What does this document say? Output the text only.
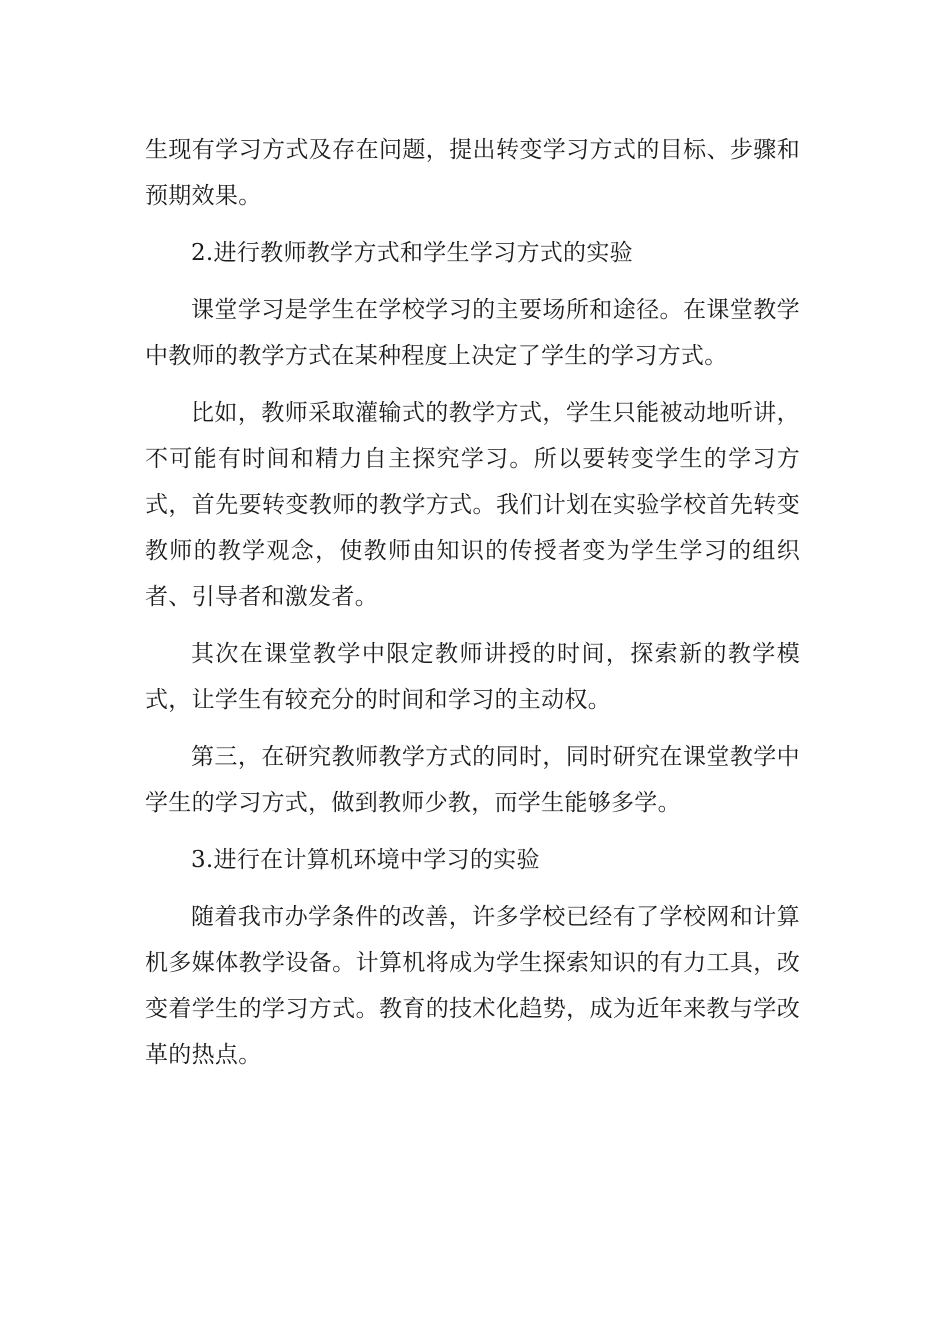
生现有学习方式及存在问题，提出转变学习方式的目标、步骤和预期效果。

2.进行教师教学方式和学生学习方式的实验

课堂学习是学生在学校学习的主要场所和途径。在课堂教学中教师的教学方式在某种程度上决定了学生的学习方式。

比如，教师采取灌输式的教学方式，学生只能被动地听讲，不可能有时间和精力自主探究学习。所以要转变学生的学习方式，首先要转变教师的教学方式。我们计划在实验学校首先转变教师的教学观念，使教师由知识的传授者变为学生学习的组织者、引导者和激发者。

其次在课堂教学中限定教师讲授的时间，探索新的教学模式，让学生有较充分的时间和学习的主动权。

第三，在研究教师教学方式的同时，同时研究在课堂教学中学生的学习方式，做到教师少教，而学生能够多学。

3.进行在计算机环境中学习的实验

随着我市办学条件的改善，许多学校已经有了学校网和计算机多媒体教学设备。计算机将成为学生探索知识的有力工具，改变着学生的学习方式。教育的技术化趋势，成为近年来教与学改革的热点。
